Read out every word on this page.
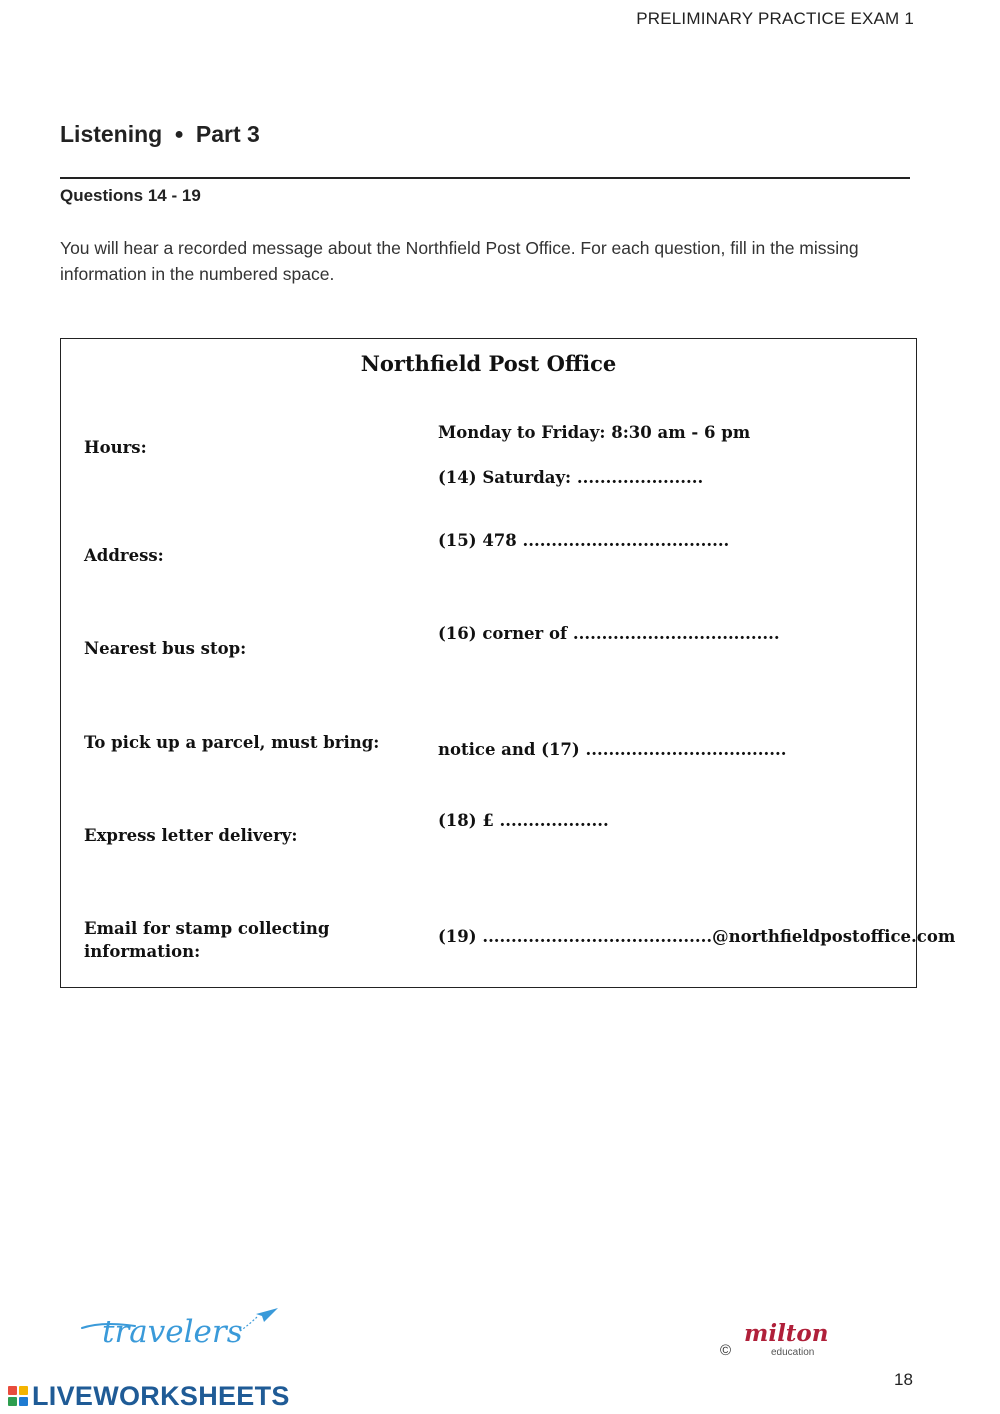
PRELIMINARY PRACTICE EXAM 1
Listening ● Part 3
Questions 14 - 19
You will hear a recorded message about the Northfield Post Office. For each question, fill in the missing information in the numbered space.
Northfield Post Office
Hours:
Monday to Friday: 8:30 am - 6 pm
(14) Saturday: ......................
Address:
(15) 478 ....................................
Nearest bus stop:
(16) corner of ....................................
To pick up a parcel, must bring:	notice and (17) ...................................
Express letter delivery:
(18) £ ...................
Email for stamp collecting information:
(19) ........................................@northfieldpostoffice.com
travelers
©
milton
education
18
LIVEWORKSHEETS
